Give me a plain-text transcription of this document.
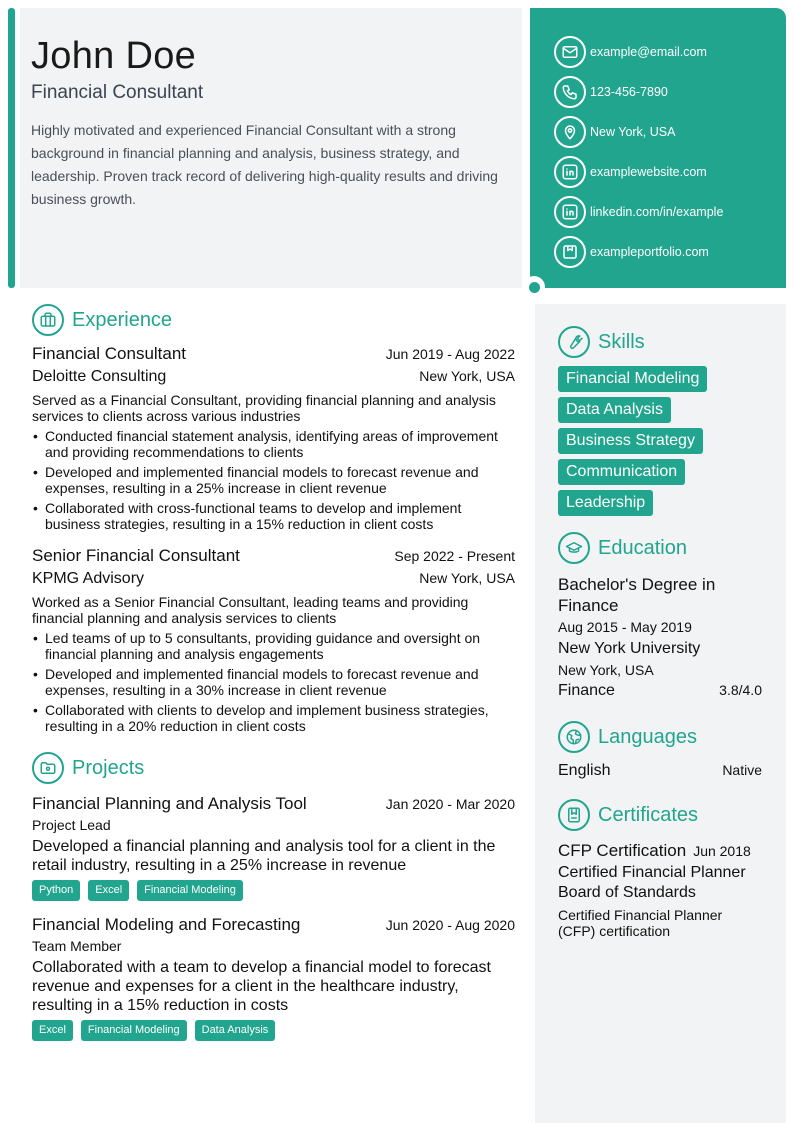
John Doe
Financial Consultant
Highly motivated and experienced Financial Consultant with a strong background in financial planning and analysis, business strategy, and leadership. Proven track record of delivering high-quality results and driving business growth.
example@email.com
123-456-7890
New York, USA
examplewebsite.com
linkedin.com/in/example
exampleportfolio.com
Experience
Financial Consultant	Jun 2019 - Aug 2022
Deloitte Consulting	New York, USA
Served as a Financial Consultant, providing financial planning and analysis services to clients across various industries
• Conducted financial statement analysis, identifying areas of improvement and providing recommendations to clients
• Developed and implemented financial models to forecast revenue and expenses, resulting in a 25% increase in client revenue
• Collaborated with cross-functional teams to develop and implement business strategies, resulting in a 15% reduction in client costs
Senior Financial Consultant	Sep 2022 - Present
KPMG Advisory	New York, USA
Worked as a Senior Financial Consultant, leading teams and providing financial planning and analysis services to clients
• Led teams of up to 5 consultants, providing guidance and oversight on financial planning and analysis engagements
• Developed and implemented financial models to forecast revenue and expenses, resulting in a 30% increase in client revenue
• Collaborated with clients to develop and implement business strategies, resulting in a 20% reduction in client costs
Projects
Financial Planning and Analysis Tool	Jan 2020 - Mar 2020
Project Lead
Developed a financial planning and analysis tool for a client in the retail industry, resulting in a 25% increase in revenue
Python	Excel	Financial Modeling
Financial Modeling and Forecasting	Jun 2020 - Aug 2020
Team Member
Collaborated with a team to develop a financial model to forecast revenue and expenses for a client in the healthcare industry, resulting in a 15% reduction in costs
Excel	Financial Modeling	Data Analysis
Skills
Financial Modeling
Data Analysis
Business Strategy
Communication
Leadership
Education
Bachelor's Degree in Finance
Aug 2015 - May 2019
New York University
New York, USA
Finance	3.8/4.0
Languages
English	Native
Certificates
CFP Certification Jun 2018
Certified Financial Planner Board of Standards
Certified Financial Planner (CFP) certification
